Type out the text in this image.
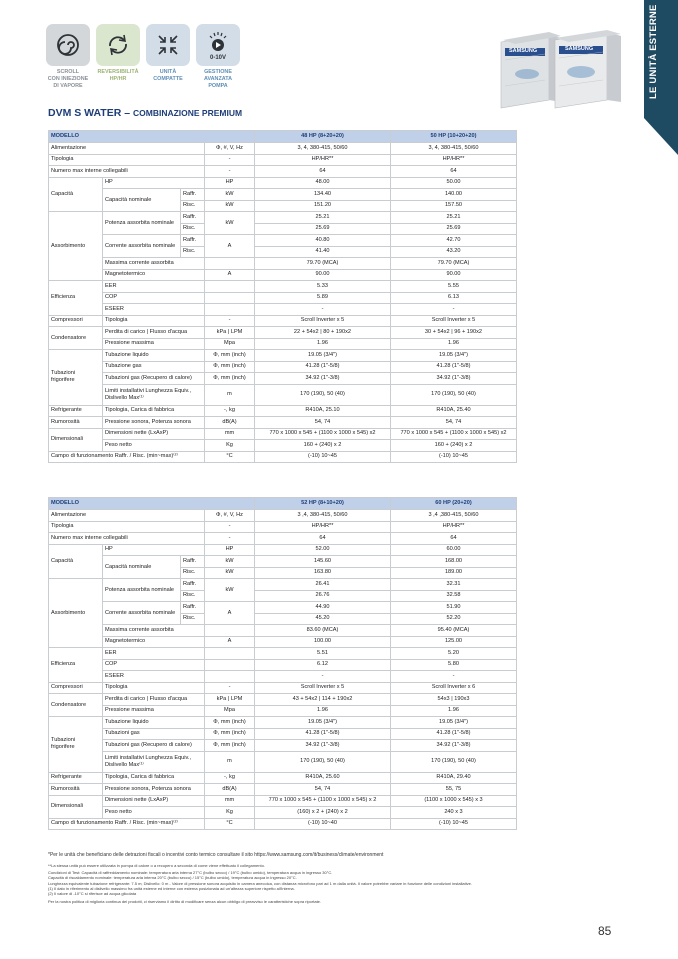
LE UNITÀ ESTERNE
SCROLL
CON INIEZIONE
DI VAPORE
REVERSIBILITÀ
HP/HR
UNITÀ
COMPATTE
0-10V
GESTIONE
AVANZATA
POMPA
SAMSUNG	SAMSUNG
DVM S WATER – COMBINAZIONE PREMIUM
MODELLO				48 HP (8+20+20)	50 HP (10+20+20)
Alimentazione			Φ, #, V, Hz	3, 4, 380-415, 50/60	3, 4, 380-415, 50/60
Tipologia			-	HP/HR**	HP/HR**
Numero max interne collegabili			-	64	64
Capacità	HP		HP	48.00	50.00
	Capacità nominale	Raffr.	kW	134.40	140.00
		Risc.	kW	151.20	157.50
Assorbimento	Potenza assorbita nominale	Raffr.	kW	25.21	25.21
		Risc.		25.69	25.69
	Corrente assorbita nominale	Raffr.	A	40.80	42.70
		Risc.		41.40	43.20
	Massima corrente assorbita			79.70 (MCA)	79.70 (MCA)
	Magnetotermico		A	90.00	90.00
Efficienza	EER			5.33	5.55
	COP			5.89	6.13
	ESEER			-	-
Compressori	Tipologia		-	Scroll Inverter x 5	Scroll Inverter x 5
Condensatore	Perdita di carico | Flusso d'acqua		kPa | LPM	22 + 54x2 | 80 + 190x2	30 + 54x2 | 96 + 190x2
	Pressione massima		Mpa	1.96	1.96
Tubazioni frigorifere	Tubazione liquido		Φ, mm (inch)	19.05 (3/4")	19.05 (3/4")
	Tubazione gas		Φ, mm (inch)	41.28 (1"-5/8)	41.28 (1"-5/8)
	Tubazioni gas (Recupero di calore)		Φ, mm (inch)	34.92 (1"-3/8)	34.92 (1"-3/8)
	Limiti installativi Lunghezza Equiv., Dislivello Max⁽¹⁾		m	170 (190), 50 (40)	170 (190), 50 (40)
Refrigerante	Tipologia, Carica di fabbrica		-, kg	R410A, 25.10	R410A, 25.40
Rumorosità	Pressione sonora, Potenza sonora		dB(A)	54, 74	54, 74
Dimensionali	Dimensioni nette (LxAxP)		mm	770 x 1000 x 545 + (1100 x 1000 x 545) x2	770 x 1000 x 545 + (1100 x 1000 x 545) x2
	Peso netto		Kg	160 + (240) x 2	160 + (240) x 2
Campo di funzionamento Raffr. / Risc. (min~max)⁽²⁾			°C	(-10) 10~45	(-10) 10~45
MODELLO				52 HP (8+10+20)	60 HP (20+20)
Alimentazione			Φ, #, V, Hz	3 ,4, 380-415, 50/60	3 ,4 ,380-415, 50/60
Tipologia			-	HP/HR**	HP/HR**
Numero max interne collegabili			-	64	64
Capacità	HP		HP	52.00	60.00
	Capacità nominale	Raffr.	kW	145.60	168.00
		Risc.	kW	163.80	189.00
Assorbimento	Potenza assorbita nominale	Raffr.	kW	26.41	32.31
		Risc.		26.76	32.58
	Corrente assorbita nominale	Raffr.	A	44.90	51.90
		Risc.		45.20	52.20
	Massima corrente assorbita			83.60 (MCA)	95.40 (MCA)
	Magnetotermico		A	100.00	125.00
Efficienza	EER			5.51	5.20
	COP			6.12	5.80
	ESEER			-	-
Compressori	Tipologia		-	Scroll Inverter x 5	Scroll Inverter x 6
Condensatore	Perdita di carico | Flusso d'acqua		kPa | LPM	43 + 54x2 | 114 + 190x2	54x3 | 190x3
	Pressione massima		Mpa	1.96	1.96
Tubazioni frigorifere	Tubazione liquido		Φ, mm (inch)	19.05 (3/4")	19.05 (3/4")
	Tubazioni gas		Φ, mm (inch)	41.28 (1"-5/8)	41.28 (1"-5/8)
	Tubazioni gas (Recupero di calore)		Φ, mm (inch)	34.92 (1"-3/8)	34.92 (1"-3/8)
	Limiti installativi Lunghezza Equiv., Dislivello Max⁽¹⁾		m	170 (190), 50 (40)	170 (190), 50 (40)
Refrigerante	Tipologia, Carica di fabbrica		-, kg	R410A, 25.60	R410A, 29.40
Rumorosità	Pressione sonora, Potenza sonora		dB(A)	54, 74	55, 75
Dimensionali	Dimensioni nette (LxAxP)		mm	770 x 1000 x 545 + (1100 x 1000 x 545) x 2	(1100 x 1000 x 545) x 3
	Peso netto		Kg	(160) x 2 + (240) x 2	240 x 3
Campo di funzionamento Raffr. / Risc. (min~max)⁽²⁾			°C	(-10) 10~40	(-10) 10~45
*Per le unità che beneficiano delle detrazioni fiscali o incentivi conto termico consultare il sito https://www.samsung.com/it/business/climate/environment
**La stessa unità può essere utilizzata in pompa di calore o a recupero a seconda di come viene effettuato il collegamento.
Condizioni di Test: Capacità di raffreddamento nominale: temperatura aria interna 27°C (bulbo secco) / 19°C (bulbo umido), temperatura acqua in ingresso 30°C.
Capacità di riscaldamento nominale: temperatura aria interna 20°C (bulbo secco) / 15°C (bulbo umido), temperatura acqua in ingresso 20°C.
Lunghezza equivalente tubazione refrigerante: 7.5 m; Dislivello: 0 m - Valore di pressione sonora acquisito in camera anecoica, con distanza microfono pari ad 1 m dalla unità. Il valore potrebbe variare in funzione delle condizioni installative.
(1) Il dato in riferimento al dislivello massimo fra unità esterne ed interne con esterna posizionata ad un'altezza superiore rispetto all'interna.
(2) Il valore di -10°C si riferisce ad acqua glicolata
Per la nostra politica di miglioria continua dei prodotti, ci riserviamo il diritto di modificare senza alcun obbligo di preavviso le caratteristiche sopra riportate.
85
